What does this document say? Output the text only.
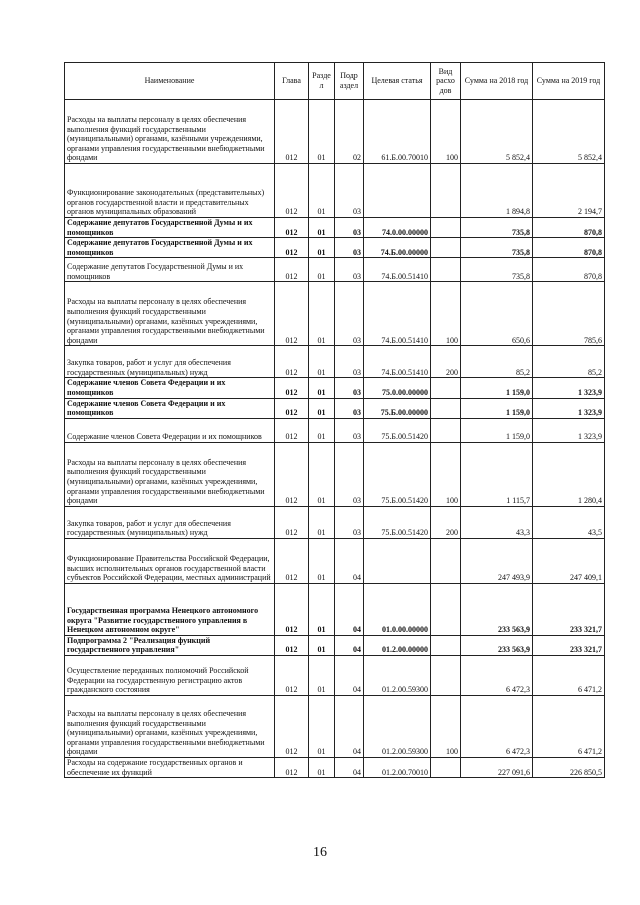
Наименование	Глава	Разде л	Подр аздел	Целевая статья	Вид расхо дов	Сумма на 2018 год	Сумма на 2019 год
Расходы на выплаты персоналу в целях обеспечения выполнения функций государственными (муниципальными) органами, казёнными учреждениями, органами управления государственными внебюджетными фондами	012	01	02	61.Б.00.70010	100	5 852,4	5 852,4
Функционирование законодательных (представительных) органов государственной власти и представительных органов муниципальных образований	012	01	03			1 894,8	2 194,7
Содержание депутатов Государственной Думы и их помощников	012	01	03	74.0.00.00000		735,8	870,8
Содержание депутатов Государственной Думы и их помощников	012	01	03	74.Б.00.00000		735,8	870,8
Содержание депутатов Государственной Думы и их помощников	012	01	03	74.Б.00.51410		735,8	870,8
Расходы на выплаты персоналу в целях обеспечения выполнения функций государственными (муниципальными) органами, казённых учреждениями, органами управления государственными внебюджетными фондами	012	01	03	74.Б.00.51410	100	650,6	785,6
Закупка товаров, работ и услуг для обеспечения государственных (муниципальных) нужд	012	01	03	74.Б.00.51410	200	85,2	85,2
Содержание членов Совета Федерации и их помощников	012	01	03	75.0.00.00000		1 159,0	1 323,9
Содержание членов Совета Федерации и их помощников	012	01	03	75.Б.00.00000		1 159,0	1 323,9
Содержание членов Совета Федерации и их помощников	012	01	03	75.Б.00.51420		1 159,0	1 323,9
Расходы на выплаты персоналу в целях обеспечения выполнения функций государственными (муниципальными) органами, казённых учреждениями, органами управления государственными внебюджетными фондами	012	01	03	75.Б.00.51420	100	1 115,7	1 280,4
Закупка товаров, работ и услуг для обеспечения государственных (муниципальных) нужд	012	01	03	75.Б.00.51420	200	43,3	43,5
Функционирование Правительства Российской Федерации, высших исполнительных органов государственной власти субъектов Российской Федерации, местных администраций	012	01	04			247 493,9	247 409,1
Государственная программа Ненецкого автономного округа "Развитие государственного управления в Ненецком автономном округе"	012	01	04	01.0.00.00000		233 563,9	233 321,7
Подпрограмма 2 "Реализация функций государственного управления"	012	01	04	01.2.00.00000		233 563,9	233 321,7
Осуществление переданных полномочий Российской Федерации на государственную регистрацию актов гражданского состояния	012	01	04	01.2.00.59300		6 472,3	6 471,2
Расходы на выплаты персоналу в целях обеспечения выполнения функций государственными (муниципальными) органами, казённых учреждениями, органами управления государственными внебюджетными фондами	012	01	04	01.2.00.59300	100	6 472,3	6 471,2
Расходы на содержание государственных органов и обеспечение их функций	012	01	04	01.2.00.70010		227 091,6	226 850,5
16
